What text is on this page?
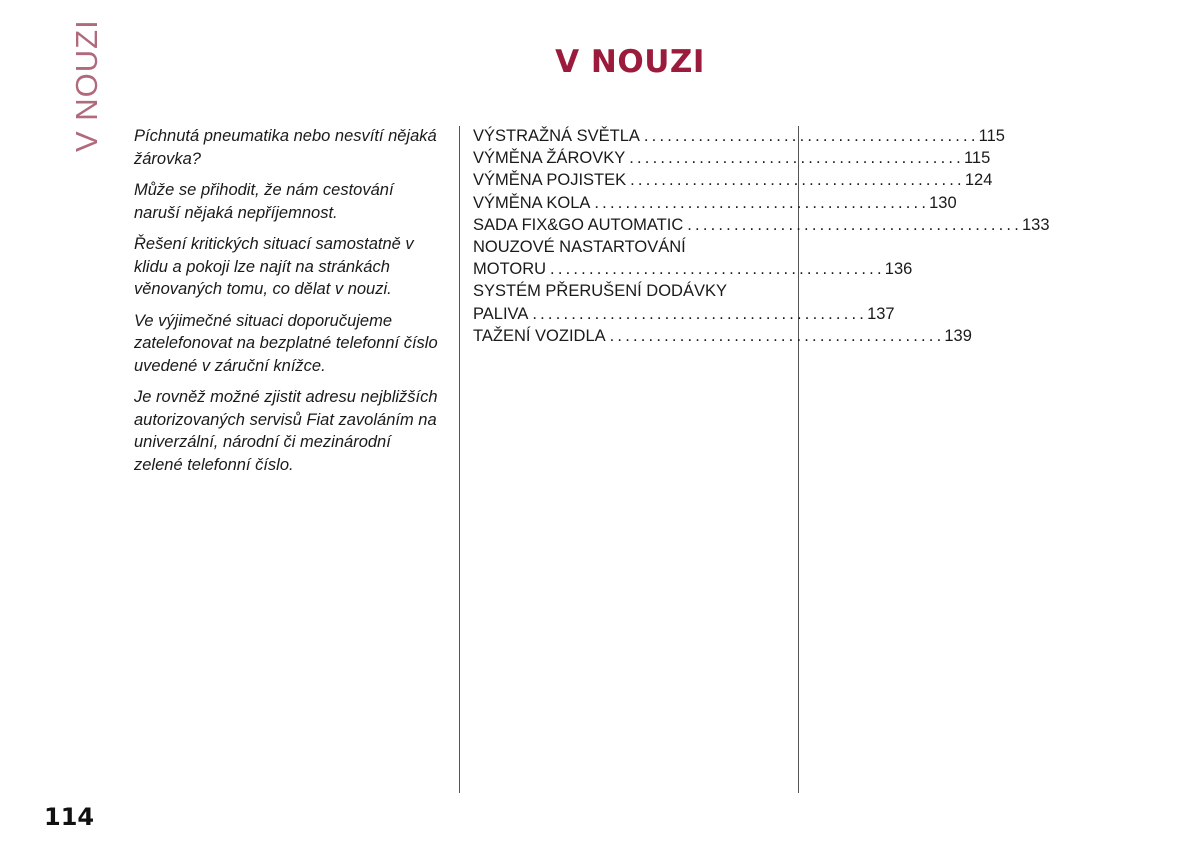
V NOUZI	V NOUZI

Píchnutá pneumatika nebo nesvítí nějaká žárovka?

Může se přihodit, že nám cestování naruší nějaká nepříjemnost.

Řešení kritických situací samostatně v klidu a pokoji lze najít na stránkách věnovaných tomu, co dělat v nouzi.

Ve výjimečné situaci doporučujeme zatelefonovat na bezplatné telefonní číslo uvedené v záruční knížce.

Je rovněž možné zjistit adresu nejbližších autorizovaných servisů Fiat zavoláním na univerzální, národní či mezinárodní zelené telefonní číslo.

VÝSTRAŽNÁ SVĚTLA ........................................... 115
VÝMĚNA ŽÁROVKY ........................................... 115
VÝMĚNA POJISTEK ........................................... 124
VÝMĚNA KOLA ........................................... 130
SADA FIX&GO AUTOMATIC ........................................... 133
NOUZOVÉ NASTARTOVÁNÍ
MOTORU ........................................... 136
SYSTÉM PŘERUŠENÍ DODÁVKY
PALIVA ........................................... 137
TAŽENÍ VOZIDLA ........................................... 139
114
